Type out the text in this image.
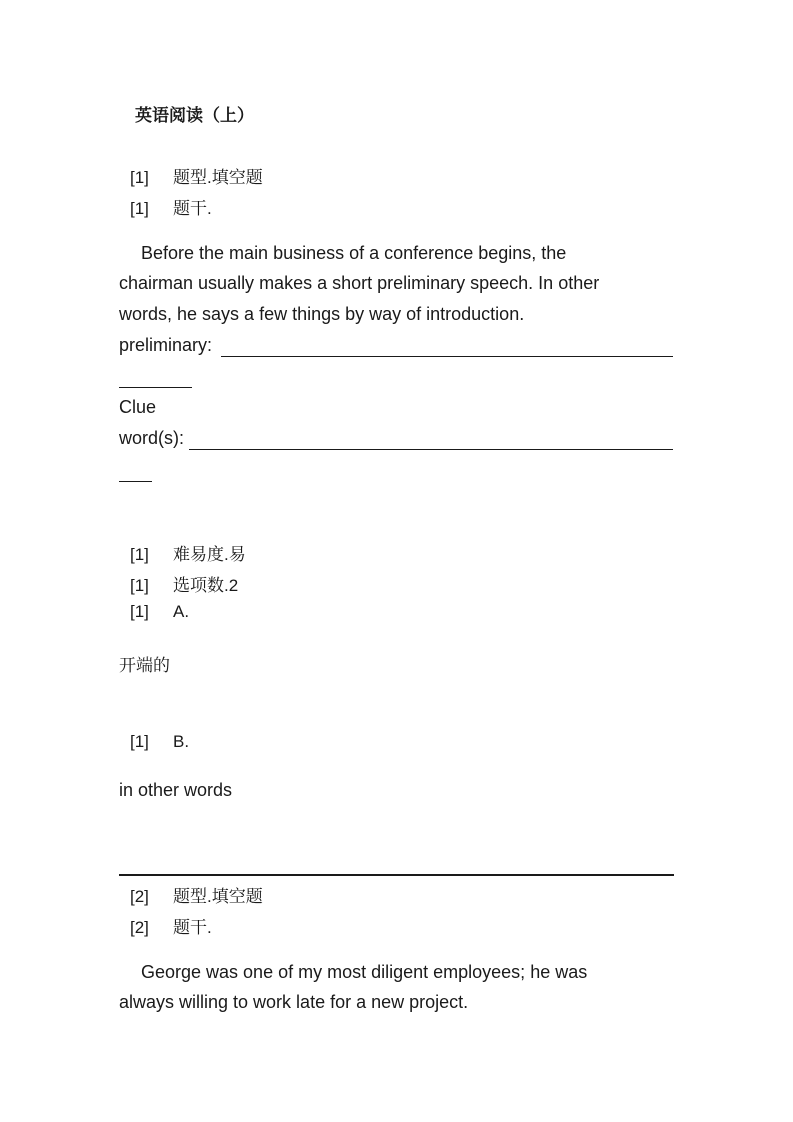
英语阅读（上）
[1] 题型.填空题
[1] 题干.
Before the main business of a conference begins, the
chairman usually makes a short preliminary speech. In other
words, he says a few things by way of introduction.
preliminary:
Clue
word(s):
[1] 难易度.易
[1] 选项数.2
[1] A.
开端的
[1] B.
in other words
[2] 题型.填空题
[2] 题干.
George was one of my most diligent employees; he was
always willing to work late for a new project.
